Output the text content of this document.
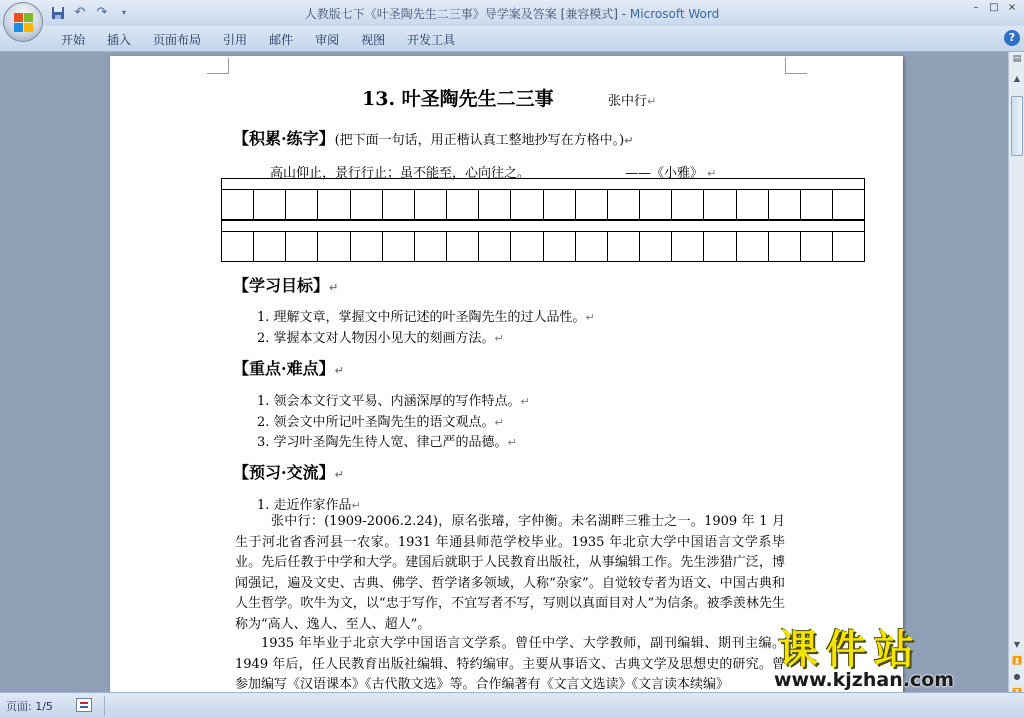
↶ ↷	▾	人教版七下《叶圣陶先生二三事》导学案及答案 [兼容模式] - Microsoft Word	–	□ ×
开始	插入	页面布局	引用	邮件	审阅	视图	开发工具	?
13. 叶圣陶先生二三事	张中行↵
【积累·练字】(把下面一句话，用正楷认真工整地抄写在方格中。)↵
高山仰止，景行行止；虽不能至，心向往之。	——《小雅》 ↵
【学习目标】↵
1. 理解文章，掌握文中所记述的叶圣陶先生的过人品性。↵
2. 掌握本文对人物因小见大的刻画方法。↵
【重点·难点】↵
1. 领会本文行文平易、内涵深厚的写作特点。↵
2. 领会文中所记叶圣陶先生的语文观点。↵
3. 学习叶圣陶先生待人宽、律己严的品德。↵
【预习·交流】↵
1. 走近作家作品↵
张中行：(1909-2006.2.24)，原名张璿，字仲衡。未名湖畔三雅士之一。1909 年 1 月生于河北省香河县一农家。1931 年通县师范学校毕业。1935 年北京大学中国语言文学系毕业。先后任教于中学和大学。建国后就职于人民教育出版社，从事编辑工作。先生涉猎广泛，博闻强记，遍及文史、古典、佛学、哲学诸多领域，人称“杂家”。自觉较专者为语文、中国古典和人生哲学。吹牛为文，以“忠于写作，不宜写者不写，写则以真面目对人”为信条。被季羡林先生称为“高人、逸人、至人、超人”。
1935 年毕业于北京大学中国语言文学系。曾任中学、大学教师，副刊编辑、期刊主编。1949 年后，任人民教育出版社编辑、特约编审。主要从事语文、古典文学及思想史的研究。曾参加编写《汉语课本》《古代散文选》等。合作编著有《文言文选读》《文言读本续编》
课件站
www.kjzhan.com
▤
▲
▼
⏫
●
页面: 1/5
